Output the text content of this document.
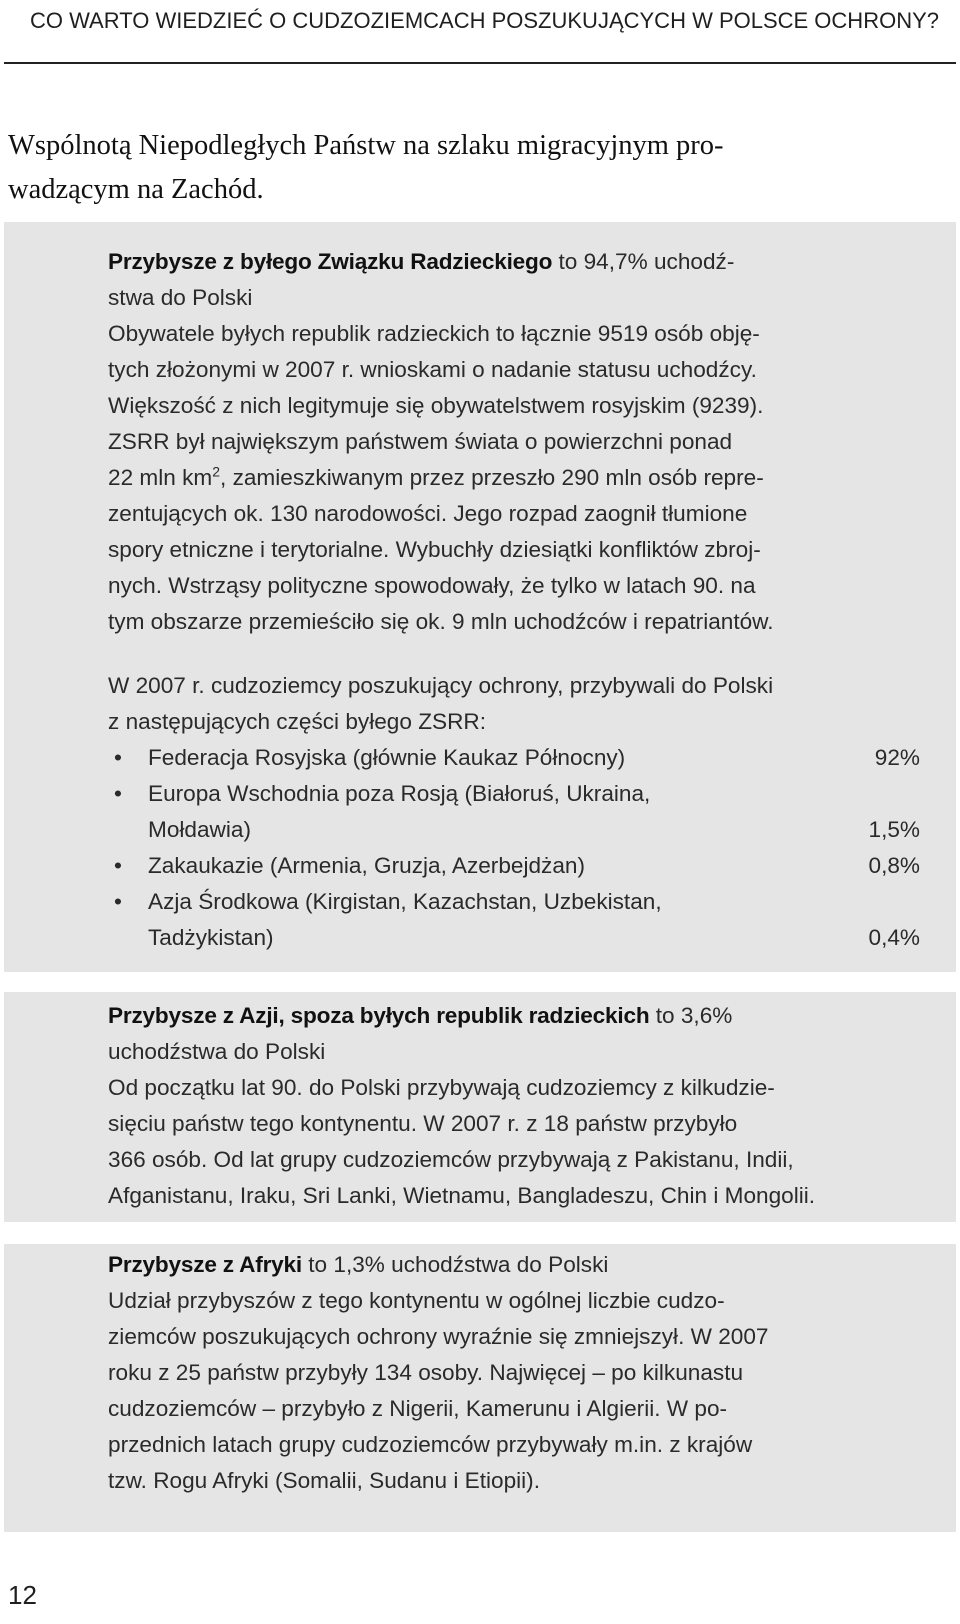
CO WARTO WIEDZIEĆ O CUDZOZIEMCACH POSZUKUJĄCYCH W POLSCE OCHRONY?
Wspólnotą Niepodległych Państw na szlaku migracyjnym pro-
wadzącym na Zachód.

Przybysze z byłego Związku Radzieckiego to 94,7% uchodź-

stwa do Polski

Obywatele byłych republik radzieckich to łącznie 9519 osób obję-

tych złożonymi w 2007 r. wnioskami o nadanie statusu uchodźcy.

Większość z nich legitymuje się obywatelstwem rosyjskim (9239).

ZSRR był największym państwem świata o powierzchni ponad

22 mln $km^2$, zamieszkiwanym przez przeszło 290 mln osób repre-

zentujących ok. 130 narodowości. Jego rozpad zaognił tłumione

spory etniczne i terytorialne. Wybuchły dziesiątki konfliktów zbroj-

nych. Wstrząsy polityczne spowodowały, że tylko w latach 90. na

tym obszarze przemieściło się ok. 9 mln uchodźców i repatriantów.

W 2007 r. cudzoziemcy poszukujący ochrony, przybywali do Polski

z następujących części byłego ZSRR:

• Federacja Rosyjska (głównie Kaukaz Północny)	92%
• Europa Wschodnia poza Rosją (Białoruś, Ukraina,
Mołdawia)	1,5%
• Zakaukazie (Armenia, Gruzja, Azerbejdżan)	0,8%
• Azja Środkowa (Kirgistan, Kazachstan, Uzbekistan,
Tadżykistan)	0,4%

Przybysze z Azji, spoza byłych republik radzieckich to 3,6%

uchodźstwa do Polski

Od początku lat 90. do Polski przybywają cudzoziemcy z kilkudzie-

sięciu państw tego kontynentu. W 2007 r. z 18 państw przybyło

366 osób. Od lat grupy cudzoziemców przybywają z Pakistanu, Indii,

Afganistanu, Iraku, Sri Lanki, Wietnamu, Bangladeszu, Chin i Mongolii.

Przybysze z Afryki to 1,3% uchodźstwa do Polski

Udział przybyszów z tego kontynentu w ogólnej liczbie cudzo-

ziemców poszukujących ochrony wyraźnie się zmniejszył. W 2007

roku z 25 państw przybyły 134 osoby. Najwięcej – po kilkunastu

cudzoziemców – przybyło z Nigerii, Kamerunu i Algierii. W po-

przednich latach grupy cudzoziemców przybywały m.in. z krajów

tzw. Rogu Afryki (Somalii, Sudanu i Etiopii).

12
